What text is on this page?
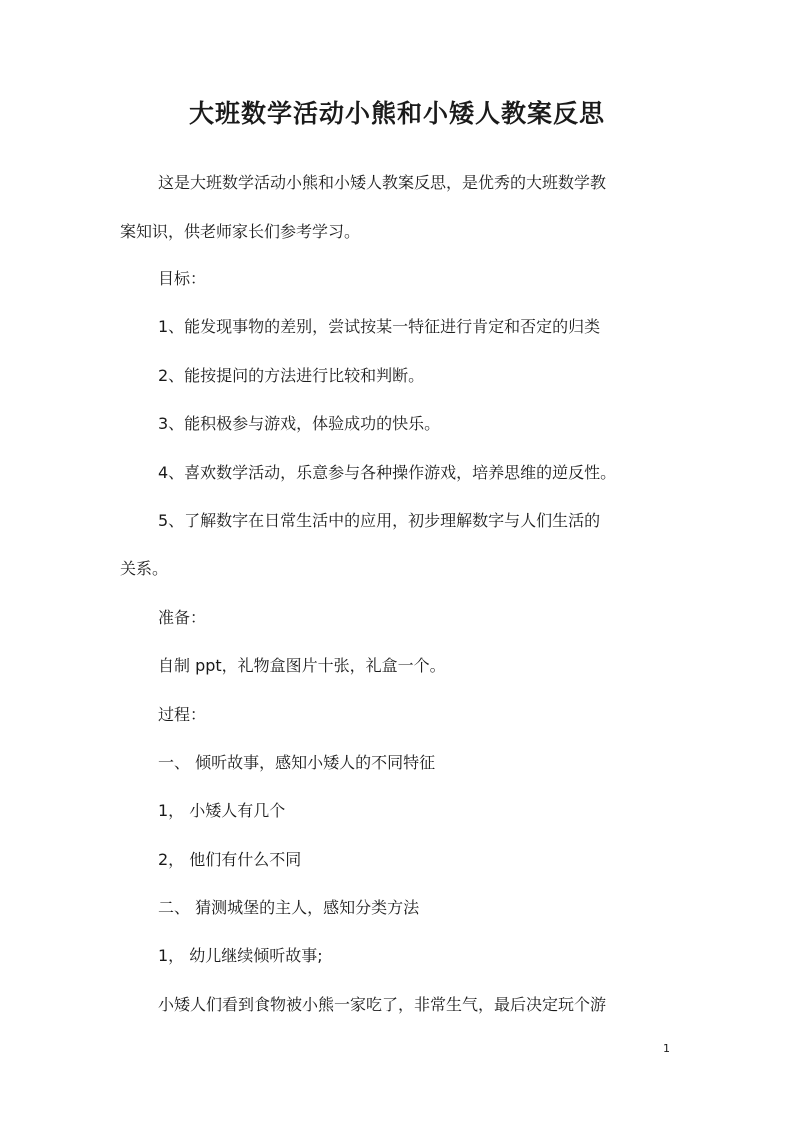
大班数学活动小熊和小矮人教案反思
这是大班数学活动小熊和小矮人教案反思，是优秀的大班数学教
案知识，供老师家长们参考学习。
目标：
1、能发现事物的差别，尝试按某一特征进行肯定和否定的归类
2、能按提问的方法进行比较和判断。
3、能积极参与游戏，体验成功的快乐。
4、喜欢数学活动，乐意参与各种操作游戏，培养思维的逆反性。
5、了解数字在日常生活中的应用，初步理解数字与人们生活的
关系。
准备：
自制 ppt，礼物盒图片十张，礼盒一个。
过程：
一、 倾听故事，感知小矮人的不同特征
1， 小矮人有几个
2， 他们有什么不同
二、 猜测城堡的主人，感知分类方法
1， 幼儿继续倾听故事;
小矮人们看到食物被小熊一家吃了，非常生气，最后决定玩个游
1
